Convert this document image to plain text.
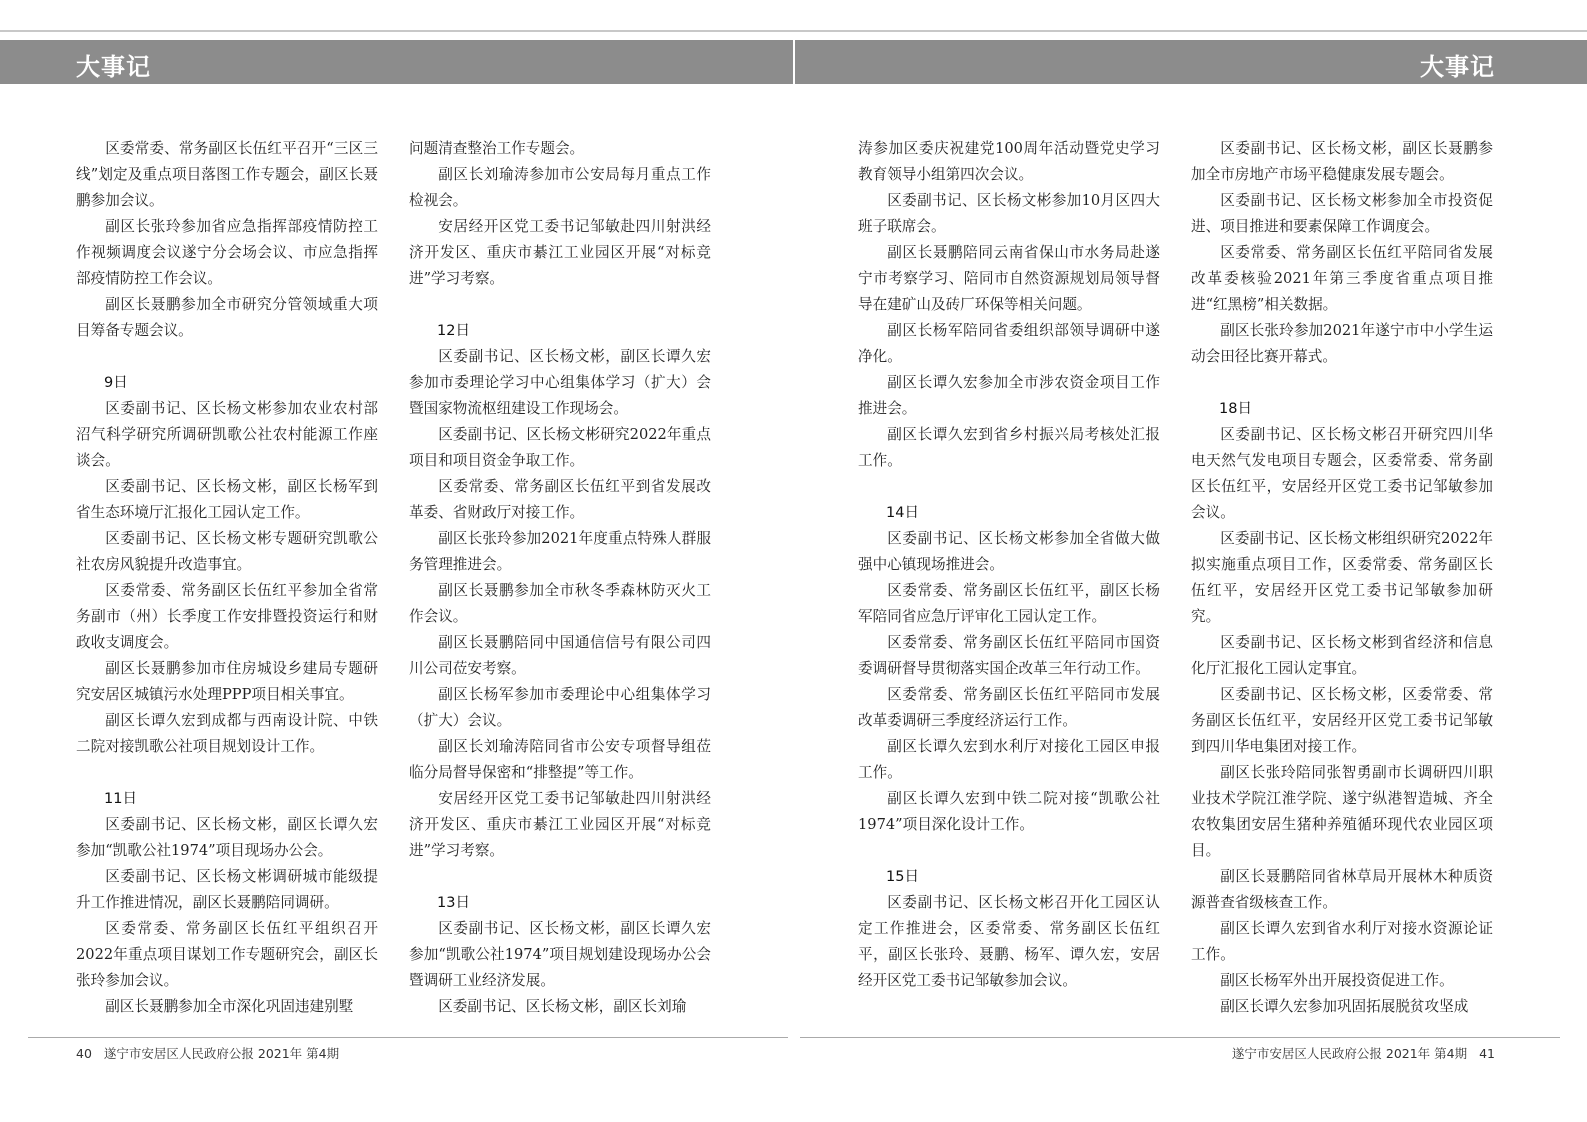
大事记	大事记

区委常委、常务副区长伍红平召开“三区三线”划定及重点项目落图工作专题会，副区长聂鹏参加会议。

副区长张玲参加省应急指挥部疫情防控工作视频调度会议遂宁分会场会议、市应急指挥部疫情防控工作会议。

副区长聂鹏参加全市研究分管领域重大项目筹备专题会议。

9日

区委副书记、区长杨文彬参加农业农村部沼气科学研究所调研凯歌公社农村能源工作座谈会。

区委副书记、区长杨文彬，副区长杨军到省生态环境厅汇报化工园认定工作。

区委副书记、区长杨文彬专题研究凯歌公社农房风貌提升改造事宜。

区委常委、常务副区长伍红平参加全省常务副市（州）长季度工作安排暨投资运行和财政收支调度会。

副区长聂鹏参加市住房城设乡建局专题研究安居区城镇污水处理PPP项目相关事宜。

副区长谭久宏到成都与西南设计院、中铁二院对接凯歌公社项目规划设计工作。

11日

区委副书记、区长杨文彬，副区长谭久宏参加“凯歌公社1974”项目现场办公会。

区委副书记、区长杨文彬调研城市能级提升工作推进情况，副区长聂鹏陪同调研。

区委常委、常务副区长伍红平组织召开2022年重点项目谋划工作专题研究会，副区长张玲参加会议。

副区长聂鹏参加全市深化巩固违建别墅

问题清查整治工作专题会。

副区长刘瑜涛参加市公安局每月重点工作检视会。

安居经开区党工委书记邹敏赴四川射洪经济开发区、重庆市綦江工业园区开展“对标竞进”学习考察。

12日

区委副书记、区长杨文彬，副区长谭久宏参加市委理论学习中心组集体学习（扩大）会暨国家物流枢纽建设工作现场会。

区委副书记、区长杨文彬研究2022年重点项目和项目资金争取工作。

区委常委、常务副区长伍红平到省发展改革委、省财政厅对接工作。

副区长张玲参加2021年度重点特殊人群服务管理推进会。

副区长聂鹏参加全市秋冬季森林防灭火工作会议。

副区长聂鹏陪同中国通信信号有限公司四川公司莅安考察。

副区长杨军参加市委理论中心组集体学习（扩大）会议。

副区长刘瑜涛陪同省市公安专项督导组莅临分局督导保密和“排整提”等工作。

安居经开区党工委书记邹敏赴四川射洪经济开发区、重庆市綦江工业园区开展“对标竞进”学习考察。

13日

区委副书记、区长杨文彬，副区长谭久宏参加“凯歌公社1974”项目规划建设现场办公会暨调研工业经济发展。

区委副书记、区长杨文彬，副区长刘瑜

涛参加区委庆祝建党100周年活动暨党史学习教育领导小组第四次会议。

区委副书记、区长杨文彬参加10月区四大班子联席会。

副区长聂鹏陪同云南省保山市水务局赴遂宁市考察学习、陪同市自然资源规划局领导督导在建矿山及砖厂环保等相关问题。

副区长杨军陪同省委组织部领导调研中遂净化。

副区长谭久宏参加全市涉农资金项目工作推进会。

副区长谭久宏到省乡村振兴局考核处汇报工作。

14日

区委副书记、区长杨文彬参加全省做大做强中心镇现场推进会。

区委常委、常务副区长伍红平，副区长杨军陪同省应急厅评审化工园认定工作。

区委常委、常务副区长伍红平陪同市国资委调研督导贯彻落实国企改革三年行动工作。

区委常委、常务副区长伍红平陪同市发展改革委调研三季度经济运行工作。

副区长谭久宏到水利厅对接化工园区申报工作。

副区长谭久宏到中铁二院对接“凯歌公社1974”项目深化设计工作。

15日

区委副书记、区长杨文彬召开化工园区认定工作推进会，区委常委、常务副区长伍红平，副区长张玲、聂鹏、杨军、谭久宏，安居经开区党工委书记邹敏参加会议。

区委副书记、区长杨文彬，副区长聂鹏参加全市房地产市场平稳健康发展专题会。

区委副书记、区长杨文彬参加全市投资促进、项目推进和要素保障工作调度会。

区委常委、常务副区长伍红平陪同省发展改革委核验2021年第三季度省重点项目推进“红黑榜”相关数据。

副区长张玲参加2021年遂宁市中小学生运动会田径比赛开幕式。

18日

区委副书记、区长杨文彬召开研究四川华电天然气发电项目专题会，区委常委、常务副区长伍红平，安居经开区党工委书记邹敏参加会议。

区委副书记、区长杨文彬组织研究2022年拟实施重点项目工作，区委常委、常务副区长伍红平，安居经开区党工委书记邹敏参加研究。

区委副书记、区长杨文彬到省经济和信息化厅汇报化工园认定事宜。

区委副书记、区长杨文彬，区委常委、常务副区长伍红平，安居经开区党工委书记邹敏到四川华电集团对接工作。

副区长张玲陪同张智勇副市长调研四川职业技术学院江淮学院、遂宁纵港智造城、齐全农牧集团安居生猪种养殖循环现代农业园区项目。

副区长聂鹏陪同省林草局开展林木种质资源普查省级核查工作。

副区长谭久宏到省水利厅对接水资源论证工作。

副区长杨军外出开展投资促进工作。

副区长谭久宏参加巩固拓展脱贫攻坚成

40 遂宁市安居区人民政府公报 2021年 第4期	遂宁市安居区人民政府公报 2021年 第4期 41
